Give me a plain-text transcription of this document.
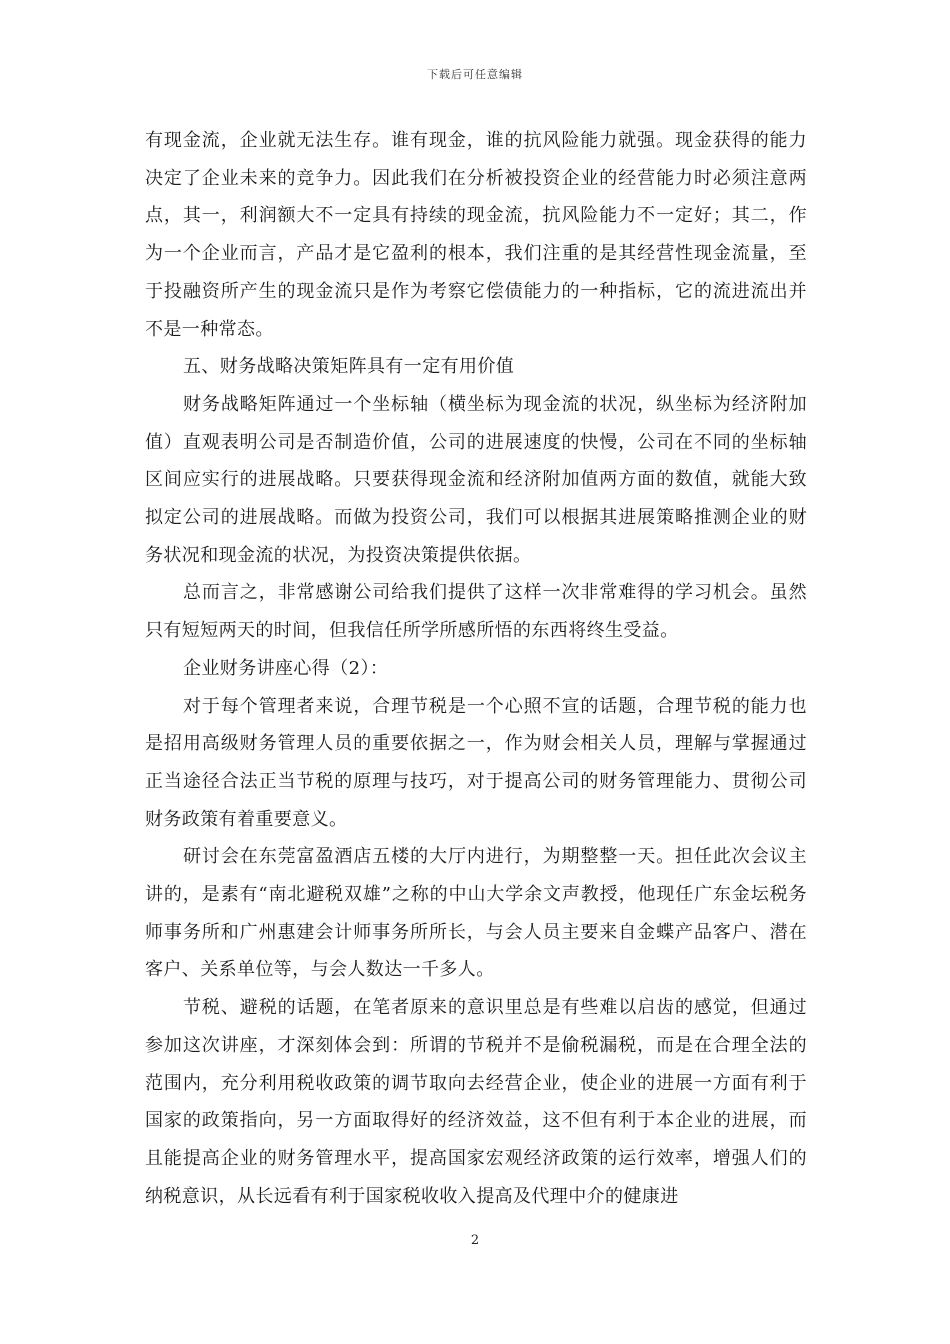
下载后可任意编辑

有现金流，企业就无法生存。谁有现金，谁的抗风险能力就强。现金获得的能力决定了企业未来的竞争力。因此我们在分析被投资企业的经营能力时必须注意两点，其一，利润额大不一定具有持续的现金流，抗风险能力不一定好；其二，作为一个企业而言，产品才是它盈利的根本，我们注重的是其经营性现金流量，至于投融资所产生的现金流只是作为考察它偿债能力的一种指标，它的流进流出并不是一种常态。

五、财务战略决策矩阵具有一定有用价值

财务战略矩阵通过一个坐标轴（横坐标为现金流的状况，纵坐标为经济附加值）直观表明公司是否制造价值，公司的进展速度的快慢，公司在不同的坐标轴区间应实行的进展战略。只要获得现金流和经济附加值两方面的数值，就能大致拟定公司的进展战略。而做为投资公司，我们可以根据其进展策略推测企业的财务状况和现金流的状况，为投资决策提供依据。

总而言之，非常感谢公司给我们提供了这样一次非常难得的学习机会。虽然只有短短两天的时间，但我信任所学所感所悟的东西将终生受益。

企业财务讲座心得（2）：

对于每个管理者来说，合理节税是一个心照不宣的话题，合理节税的能力也是招用高级财务管理人员的重要依据之一，作为财会相关人员，理解与掌握通过正当途径合法正当节税的原理与技巧，对于提高公司的财务管理能力、贯彻公司财务政策有着重要意义。

研讨会在东莞富盈酒店五楼的大厅内进行，为期整整一天。担任此次会议主讲的，是素有“南北避税双雄”之称的中山大学余文声教授，他现任广东金坛税务师事务所和广州惠建会计师事务所所长，与会人员主要来自金蝶产品客户、潜在客户、关系单位等，与会人数达一千多人。

节税、避税的话题，在笔者原来的意识里总是有些难以启齿的感觉，但通过参加这次讲座，才深刻体会到：所谓的节税并不是偷税漏税，而是在合理全法的范围内，充分利用税收政策的调节取向去经营企业，使企业的进展一方面有利于国家的政策指向，另一方面取得好的经济效益，这不但有利于本企业的进展，而且能提高企业的财务管理水平，提高国家宏观经济政策的运行效率，增强人们的纳税意识，从长远看有利于国家税收收入提高及代理中介的健康进

2
